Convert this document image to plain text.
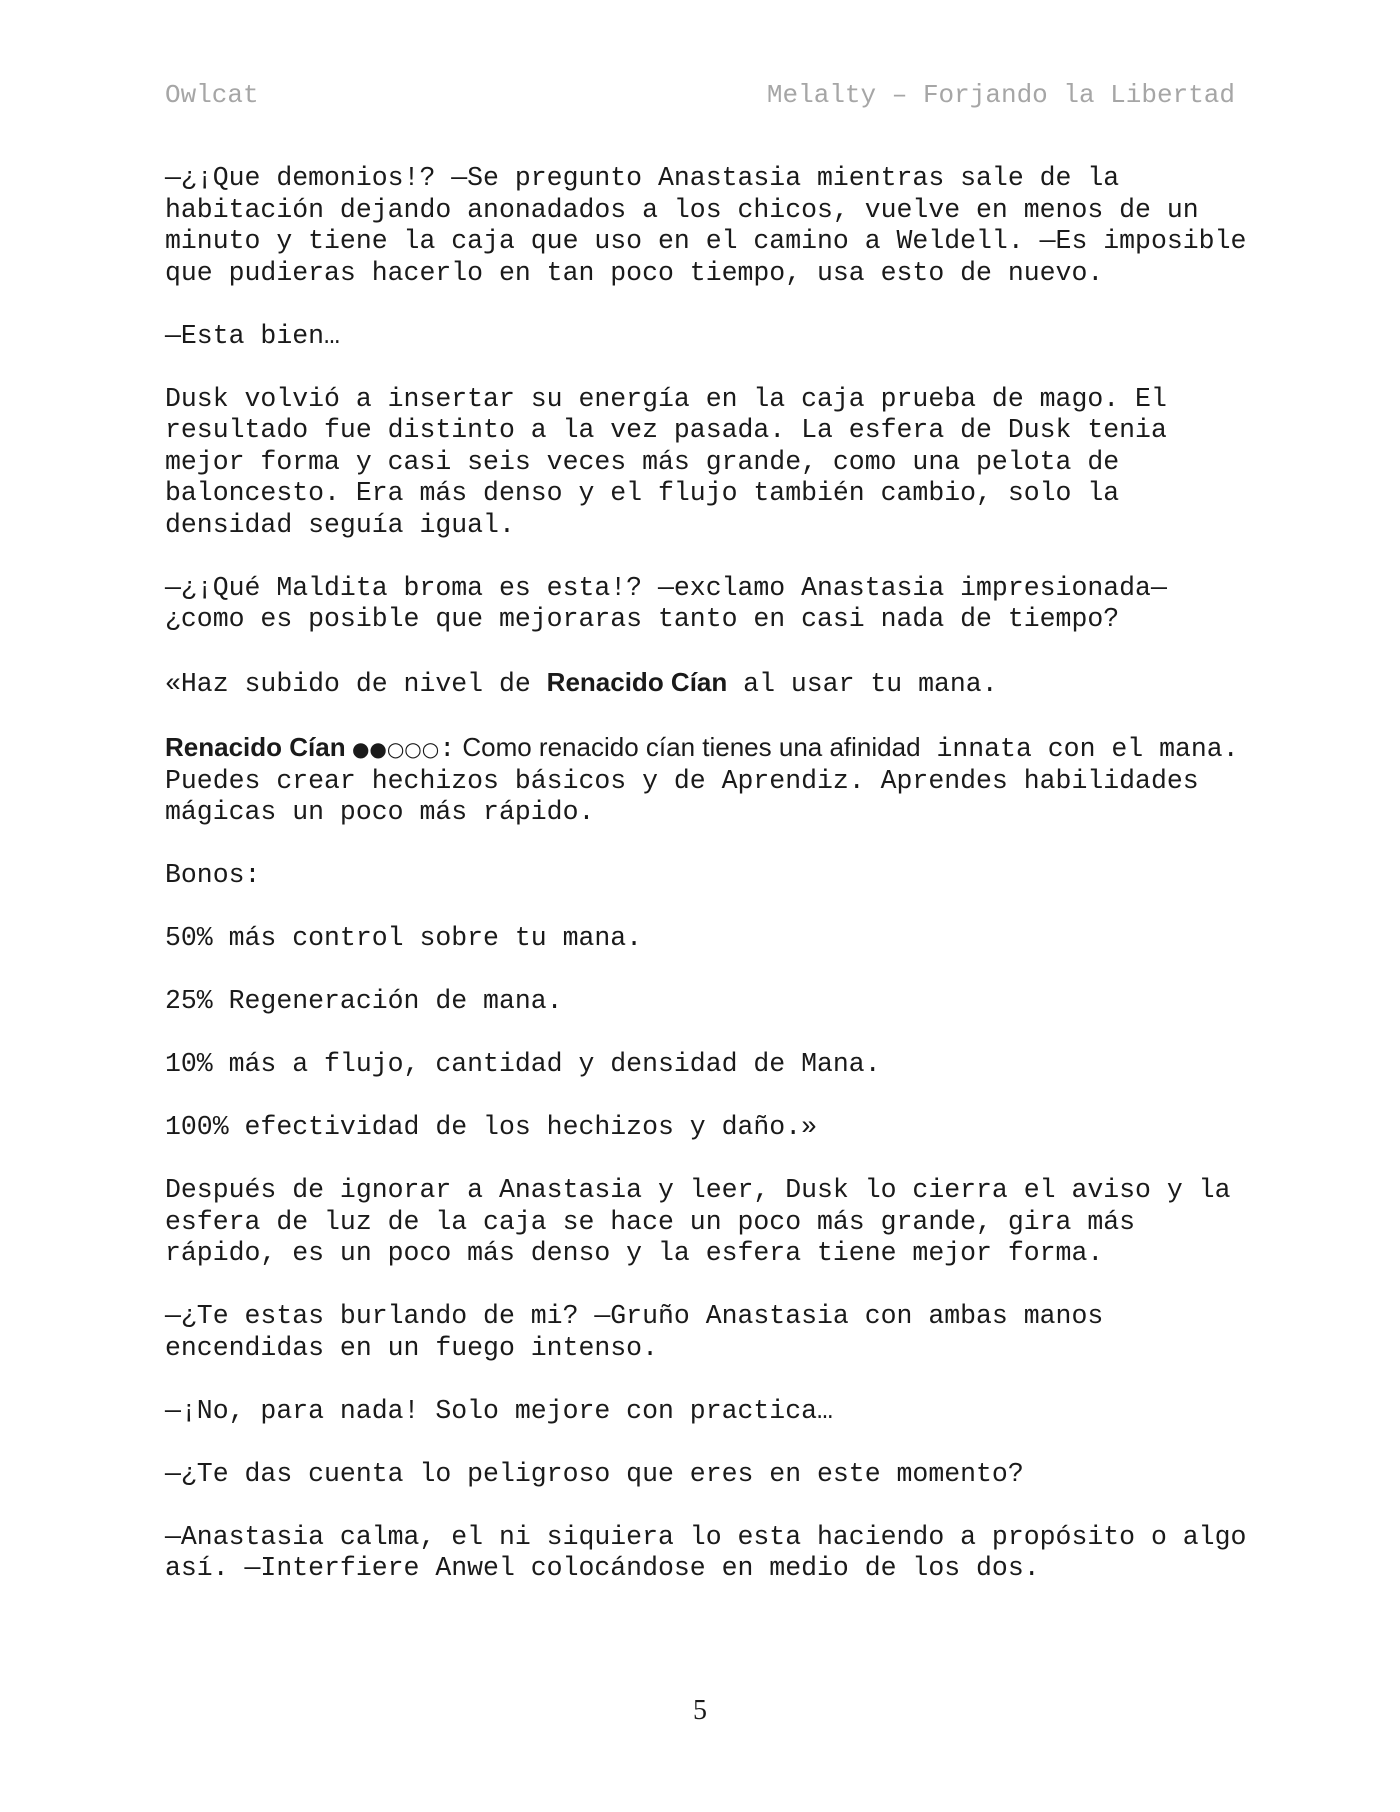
Owlcat	Melalty – Forjando la Libertad

—¿¡Que demonios!? —Se pregunto Anastasia mientras sale de la habitación dejando anonadados a los chicos, vuelve en menos de un minuto y tiene la caja que uso en el camino a Weldell. —Es imposible que pudieras hacerlo en tan poco tiempo, usa esto de nuevo.

—Esta bien…

Dusk volvió a insertar su energía en la caja prueba de mago. El resultado fue distinto a la vez pasada. La esfera de Dusk tenia mejor forma y casi seis veces más grande, como una pelota de baloncesto. Era más denso y el flujo también cambio, solo la densidad seguía igual.

—¿¡Qué Maldita broma es esta!? —exclamo Anastasia impresionada— ¿como es posible que mejoraras tanto en casi nada de tiempo?

«Haz subido de nivel de Renacido Cían al usar tu mana.

Renacido Cían ●●○○○: Como renacido cían tienes una afinidad innata con el mana. Puedes crear hechizos básicos y de Aprendiz. Aprendes habilidades mágicas un poco más rápido.

Bonos:

50% más control sobre tu mana.

25% Regeneración de mana.

10% más a flujo, cantidad y densidad de Mana.

100% efectividad de los hechizos y daño.»

Después de ignorar a Anastasia y leer, Dusk lo cierra el aviso y la esfera de luz de la caja se hace un poco más grande, gira más rápido, es un poco más denso y la esfera tiene mejor forma.

—¿Te estas burlando de mi? —Gruño Anastasia con ambas manos encendidas en un fuego intenso.

—¡No, para nada! Solo mejore con practica…

—¿Te das cuenta lo peligroso que eres en este momento?

—Anastasia calma, el ni siquiera lo esta haciendo a propósito o algo así. —Interfiere Anwel colocándose en medio de los dos.

5
